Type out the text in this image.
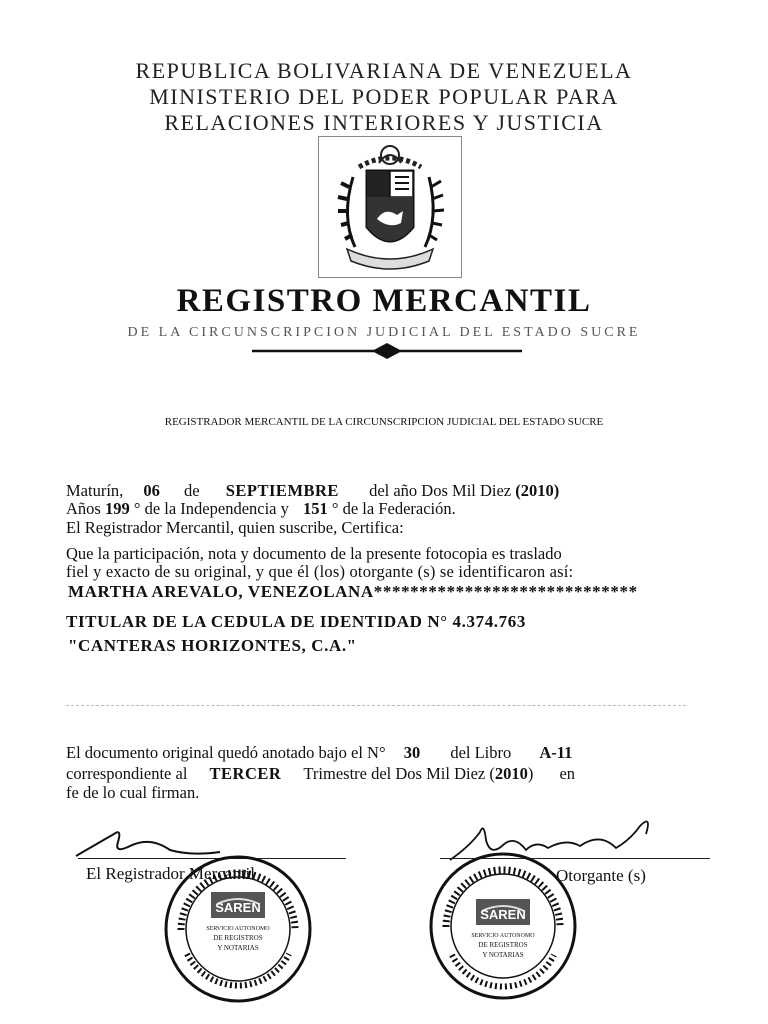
REPUBLICA BOLIVARIANA DE VENEZUELA
MINISTERIO DEL PODER POPULAR PARA
RELACIONES INTERIORES Y JUSTICIA
REGISTRO MERCANTIL
DE LA CIRCUNSCRIPCION JUDICIAL DEL ESTADO SUCRE
REGISTRADOR MERCANTIL DE LA CIRCUNSCRIPCION JUDICIAL DEL ESTADO SUCRE
Maturín, 06 de SEPTIEMBRE del año Dos Mil Diez (2010)
Años 199 ° de la Independencia y 151 ° de la Federación.
El Registrador Mercantil, quien suscribe, Certifica:
Que la participación, nota y documento de la presente fotocopia es traslado
fiel y exacto de su original, y que él (los) otorgante (s) se identificaron así:
MARTHA AREVALO, VENEZOLANA*****************************
TITULAR DE LA CEDULA DE IDENTIDAD N° 4.374.763
"CANTERAS HORIZONTES, C.A."
El documento original quedó anotado bajo el N° 30 del Libro A-11
correspondiente al TERCER Trimestre del Dos Mil Diez (2010) en
fe de lo cual firman.
El Registrador Mercantil	Otorgante (s)
SAREN
SERVICIO AUTONOMO
DE REGISTROS
Y NOTARIAS
SAREN
SERVICIO AUTONOMO
DE REGISTROS
Y NOTARIAS
